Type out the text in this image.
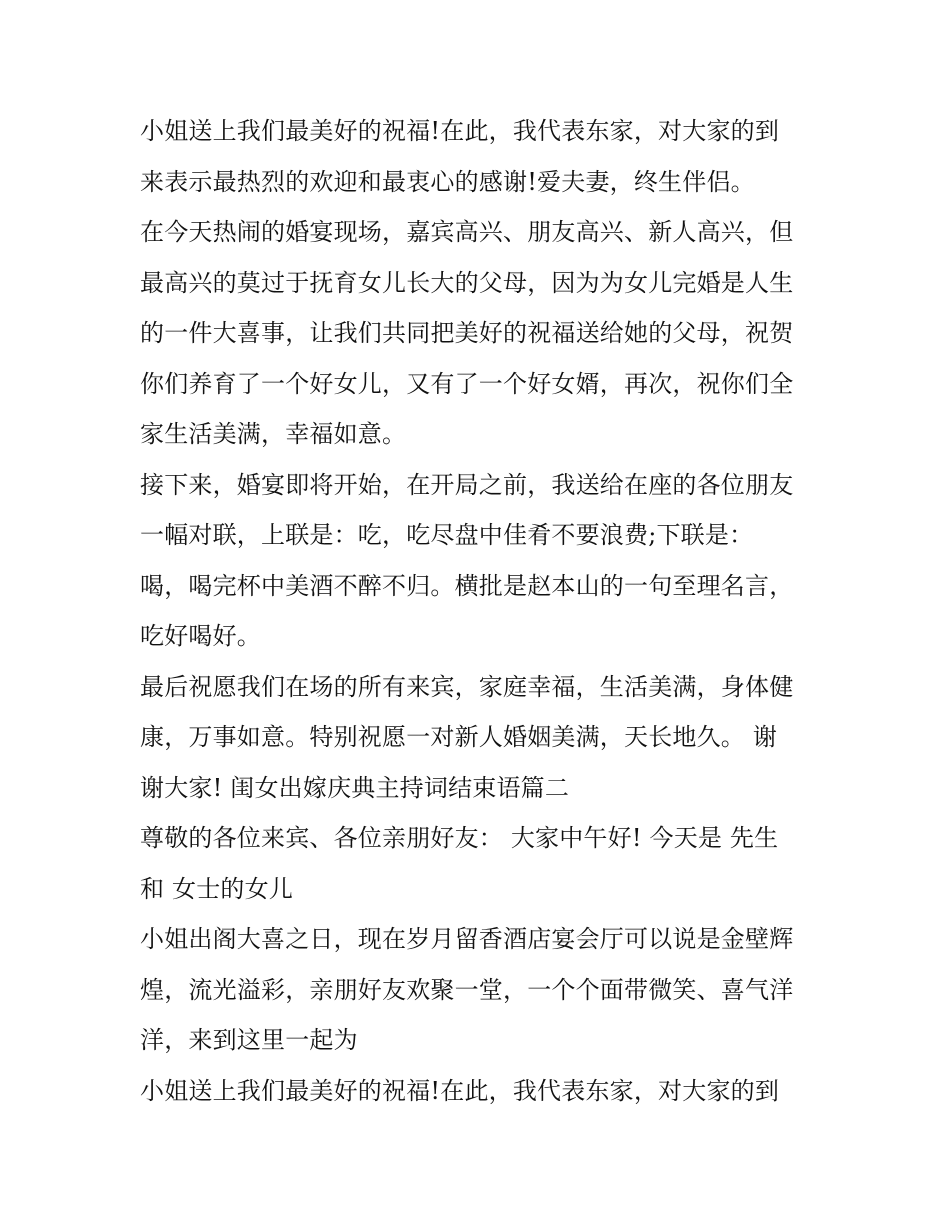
小姐送上我们最美好的祝福!在此，我代表东家，对大家的到
来表示最热烈的欢迎和最衷心的感谢!爱夫妻，终生伴侣。
在今天热闹的婚宴现场，嘉宾高兴、朋友高兴、新人高兴，但
最高兴的莫过于抚育女儿长大的父母，因为为女儿完婚是人生
的一件大喜事，让我们共同把美好的祝福送给她的父母，祝贺
你们养育了一个好女儿，又有了一个好女婿，再次，祝你们全
家生活美满，幸福如意。
接下来，婚宴即将开始，在开局之前，我送给在座的各位朋友
一幅对联，上联是：吃，吃尽盘中佳肴不要浪费;下联是：
喝，喝完杯中美酒不醉不归。横批是赵本山的一句至理名言，
吃好喝好。
最后祝愿我们在场的所有来宾，家庭幸福，生活美满，身体健
康，万事如意。特别祝愿一对新人婚姻美满，天长地久。 谢
谢大家! 闺女出嫁庆典主持词结束语篇二
尊敬的各位来宾、各位亲朋好友： 大家中午好! 今天是 先生
和 女士的女儿
小姐出阁大喜之日，现在岁月留香酒店宴会厅可以说是金壁辉
煌，流光溢彩，亲朋好友欢聚一堂，一个个面带微笑、喜气洋
洋，来到这里一起为
小姐送上我们最美好的祝福!在此，我代表东家，对大家的到
